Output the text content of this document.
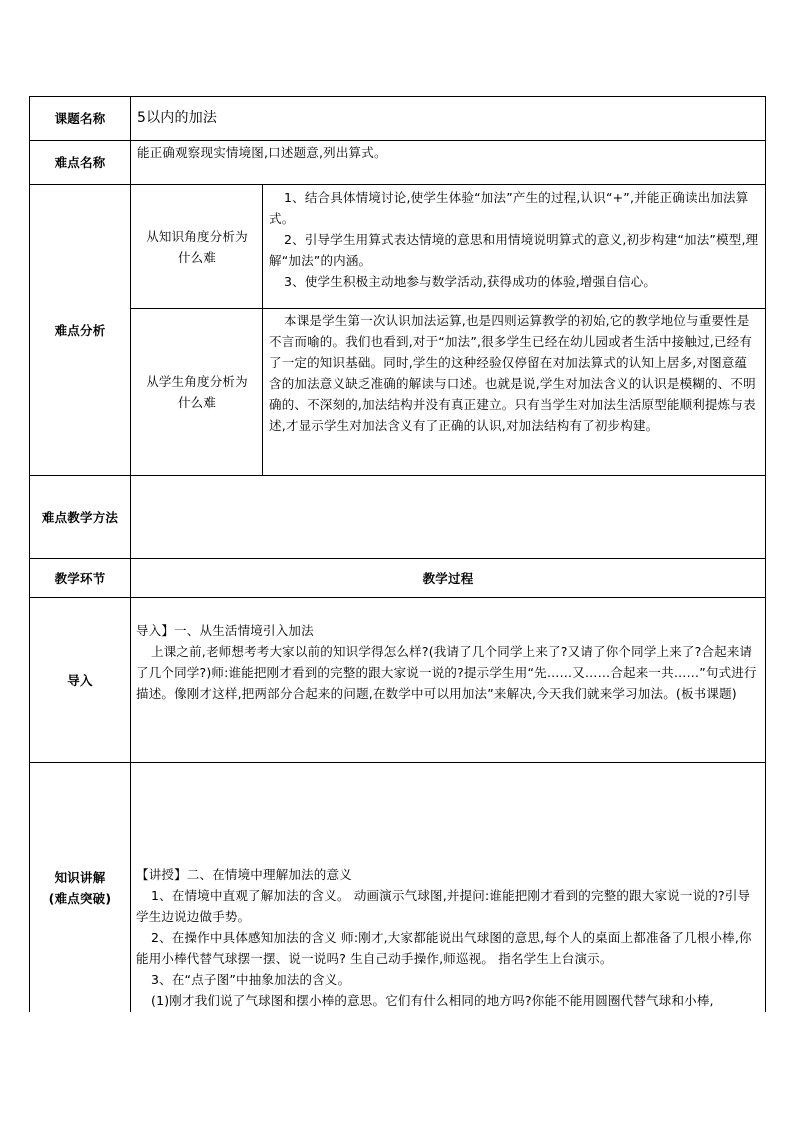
课题名称	5以内的加法
难点名称
能正确观察现实情境图,口述题意,列出算式。
难点分析
从知识角度分析为什么难

1、结合具体情境讨论,使学生体验“加法”产生的过程,认识“+”,并能正确读出加法算式。

2、引导学生用算式表达情境的意思和用情境说明算式的意义,初步构建“加法”模型,理解“加法”的内涵。

3、使学生积极主动地参与数学活动,获得成功的体验,增强自信心。

从学生角度分析为什么难

本课是学生第一次认识加法运算,也是四则运算教学的初始,它的教学地位与重要性是不言而喻的。我们也看到,对于“加法”,很多学生已经在幼儿园或者生活中接触过,已经有了一定的知识基础。同时,学生的这种经验仅停留在对加法算式的认知上居多,对图意蕴含的加法意义缺乏准确的解读与口述。也就是说,学生对加法含义的认识是模糊的、不明确的、不深刻的,加法结构并没有真正建立。只有当学生对加法生活原型能顺利提炼与表述,才显示学生对加法含义有了正确的认识,对加法结构有了初步构建。

难点教学方法
教学环节	教学过程
导入

导入】一、从生活情境引入加法

上课之前,老师想考考大家以前的知识学得怎么样?(我请了几个同学上来了?又请了你个同学上来了?合起来请了几个同学?)师:谁能把刚才看到的完整的跟大家说一说的?提示学生用“先……又……合起来一共……”句式进行描述。像刚才这样,把两部分合起来的问题,在数学中可以用加法”来解决,今天我们就来学习加法。(板书课题)

知识讲解
(难点突破)

【讲授】二、在情境中理解加法的意义

1、在情境中直观了解加法的含义。 动画演示气球图,并提问:谁能把刚才看到的完整的跟大家说一说的?引导学生边说边做手势。

2、在操作中具体感知加法的含义 师:刚才,大家都能说出气球图的意思,每个人的桌面上都准备了几根小棒,你能用小棒代替气球摆一摆、说一说吗? 生自己动手操作,师巡视。 指名学生上台演示。

3、在“点子图”中抽象加法的含义。

(1)刚才我们说了气球图和摆小棒的意思。它们有什么相同的地方吗?你能不能用圆圈代替气球和小棒,
